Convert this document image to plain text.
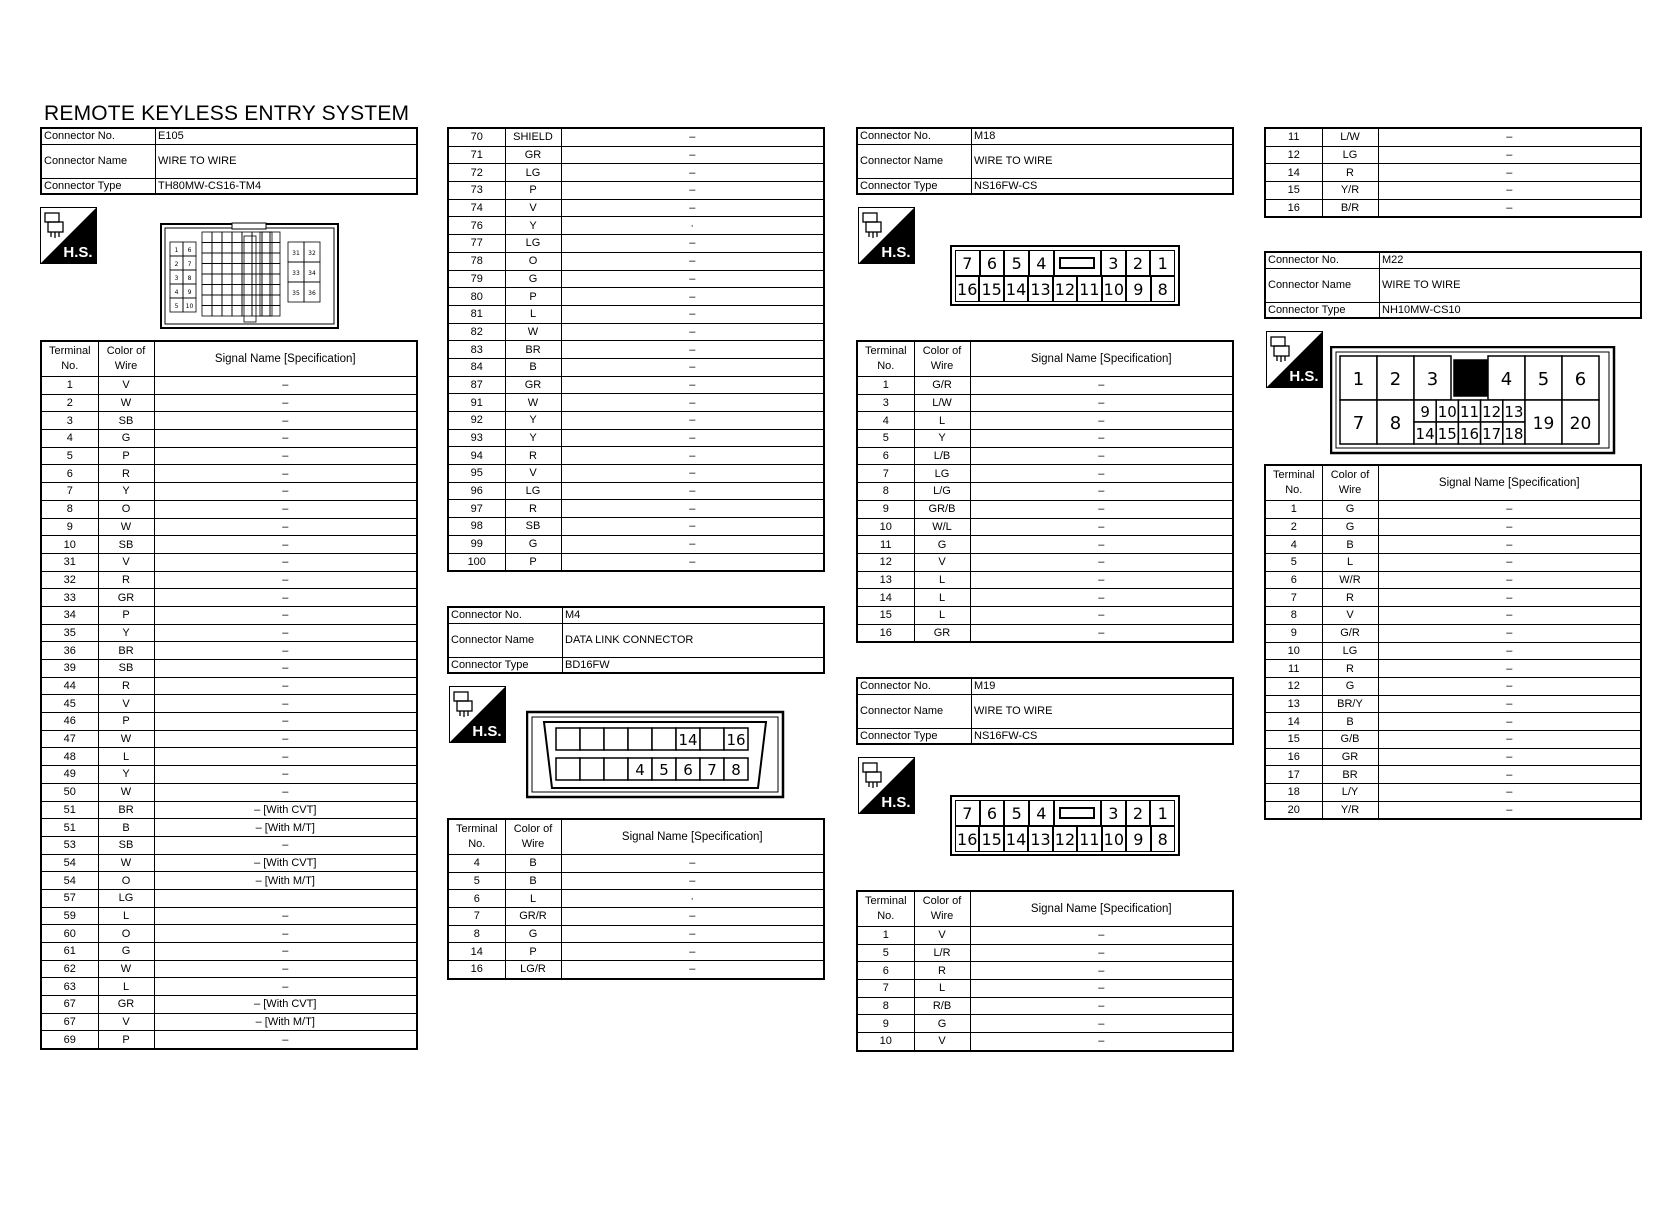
REMOTE KEYLESS ENTRY SYSTEM
Connector No.	E105
Connector Name	WIRE TO WIRE
Connector Type	TH80MW-CS16-TM4
H.S.	1 6
2 7
3 8
4 9
5 10
31 32
33 34
35 36
Terminal No.	Color of Wire	Signal Name [Specification]
1	V	–
2	W	–
3	SB	–
4	G	–
5	P	–
6	R	–
7	Y	–
8	O	–
9	W	–
10	SB	–
31	V	–
32	R	–
33	GR	–
34	P	–
35	Y	–
36	BR	–
39	SB	–
44	R	–
45	V	–
46	P	–
47	W	–
48	L	–
49	Y	–
50	W	–
51	BR	– [With CVT]
51	B	– [With M/T]
53	SB	–
54	W	– [With CVT]
54	O	– [With M/T]
57	LG	
59	L	–
60	O	–
61	G	–
62	W	–
63	L	–
67	GR	– [With CVT]
67	V	– [With M/T]
69	P	–
70	SHIELD	–
71	GR	–
72	LG	–
73	P	–
74	V	–
76	Y	·
77	LG	–
78	O	–
79	G	–
80	P	–
81	L	–
82	W	–
83	BR	–
84	B	–
87	GR	–
91	W	–
92	Y	–
93	Y	–
94	R	–
95	V	–
96	LG	–
97	R	–
98	SB	–
99	G	–
100	P	–
Connector No.	M4
Connector Name	DATA LINK CONNECTOR
Connector Type	BD16FW
H.S.	14 16
4 5 6 7 8
Terminal No.	Color of Wire	Signal Name [Specification]
4	B	–
5	B	–
6	L	·
7	GR/R	–
8	G	–
14	P	–
16	LG/R	–
Connector No.	M18
Connector Name	WIRE TO WIRE
Connector Type	NS16FW-CS
H.S.
7 6 5 4	3 2 1
16 15 14 13 12 11 10 9 8
Terminal No.	Color of Wire	Signal Name [Specification]
1	G/R	–
3	L/W	–
4	L	–
5	Y	–
6	L/B	–
7	LG	–
8	L/G	–
9	GR/B	–
10	W/L	–
11	G	–
12	V	–
13	L	–
14	L	–
15	L	–
16	GR	–
Connector No.	M19
Connector Name	WIRE TO WIRE
Connector Type	NS16FW-CS
H.S.
7 6 5 4	3 2 1
16 15 14 13 12 11 10 9 8
Terminal No.	Color of Wire	Signal Name [Specification]
1	V	–
5	L/R	–
6	R	–
7	L	–
8	R/B	–
9	G	–
10	V	–
11	L/W	–
12	LG	–
14	R	–
15	Y/R	–
16	B/R	–
Connector No.	M22
Connector Name	WIRE TO WIRE
Connector Type	NH10MW-CS10
H.S. 1 2 3	4 5 6
7 8
9 10 11 12 13
14 15 16 17 18 19 20
Terminal No.	Color of Wire	Signal Name [Specification]
1	G	–
2	G	–
4	B	–
5	L	–
6	W/R	–
7	R	–
8	V	–
9	G/R	–
10	LG	–
11	R	–
12	G	–
13	BR/Y	–
14	B	–
15	G/B	–
16	GR	–
17	BR	–
18	L/Y	–
20	Y/R	–
